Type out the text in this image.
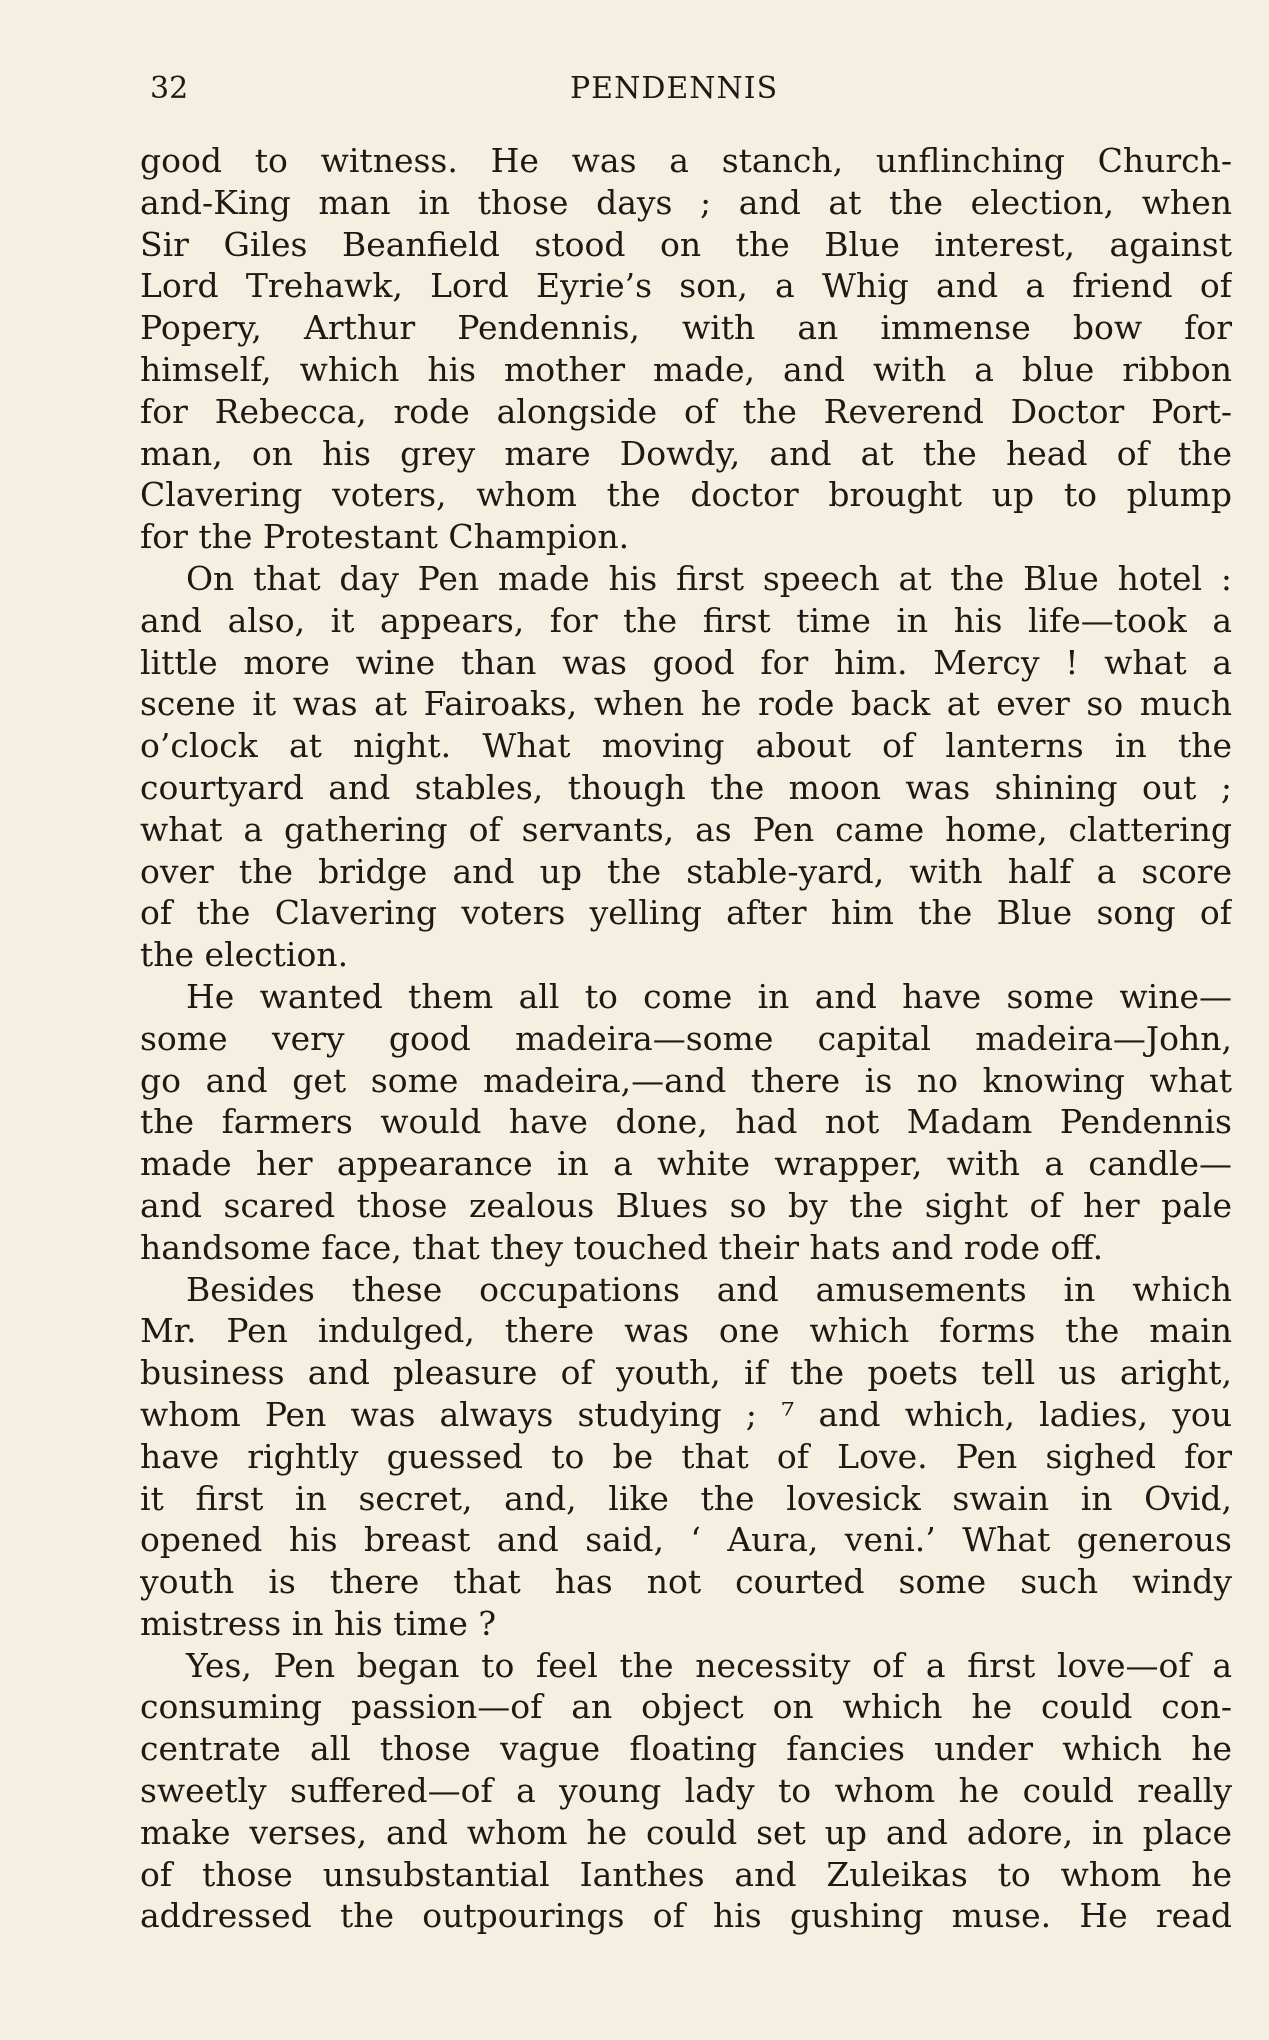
32	PENDENNIS
good to witness. He was a stanch, unflinching Church-
and-King man in those days ; and at the election, when
Sir Giles Beanfield stood on the Blue interest, against
Lord Trehawk, Lord Eyrie’s son, a Whig and a friend of
Popery, Arthur Pendennis, with an immense bow for
himself, which his mother made, and with a blue ribbon
for Rebecca, rode alongside of the Reverend Doctor Port-
man, on his grey mare Dowdy, and at the head of the
Clavering voters, whom the doctor brought up to plump
for the Protestant Champion.
On that day Pen made his first speech at the Blue hotel :
and also, it appears, for the first time in his life—took a
little more wine than was good for him. Mercy ! what a
scene it was at Fairoaks, when he rode back at ever so much
o’clock at night. What moving about of lanterns in the
courtyard and stables, though the moon was shining out ;
what a gathering of servants, as Pen came home, clattering
over the bridge and up the stable-yard, with half a score
of the Clavering voters yelling after him the Blue song of
the election.
He wanted them all to come in and have some wine—
some very good madeira—some capital madeira—John,
go and get some madeira,—and there is no knowing what
the farmers would have done, had not Madam Pendennis
made her appearance in a white wrapper, with a candle—
and scared those zealous Blues so by the sight of her pale
handsome face, that they touched their hats and rode off.
Besides these occupations and amusements in which
Mr. Pen indulged, there was one which forms the main
business and pleasure of youth, if the poets tell us aright,
whom Pen was always studying ; ⁷ and which, ladies, you
have rightly guessed to be that of Love. Pen sighed for
it first in secret, and, like the lovesick swain in Ovid,
opened his breast and said, ‘ Aura, veni.’ What generous
youth is there that has not courted some such windy
mistress in his time ?
Yes, Pen began to feel the necessity of a first love—of a
consuming passion—of an object on which he could con-
centrate all those vague floating fancies under which he
sweetly suffered—of a young lady to whom he could really
make verses, and whom he could set up and adore, in place
of those unsubstantial Ianthes and Zuleikas to whom he
addressed the outpourings of his gushing muse. He read
